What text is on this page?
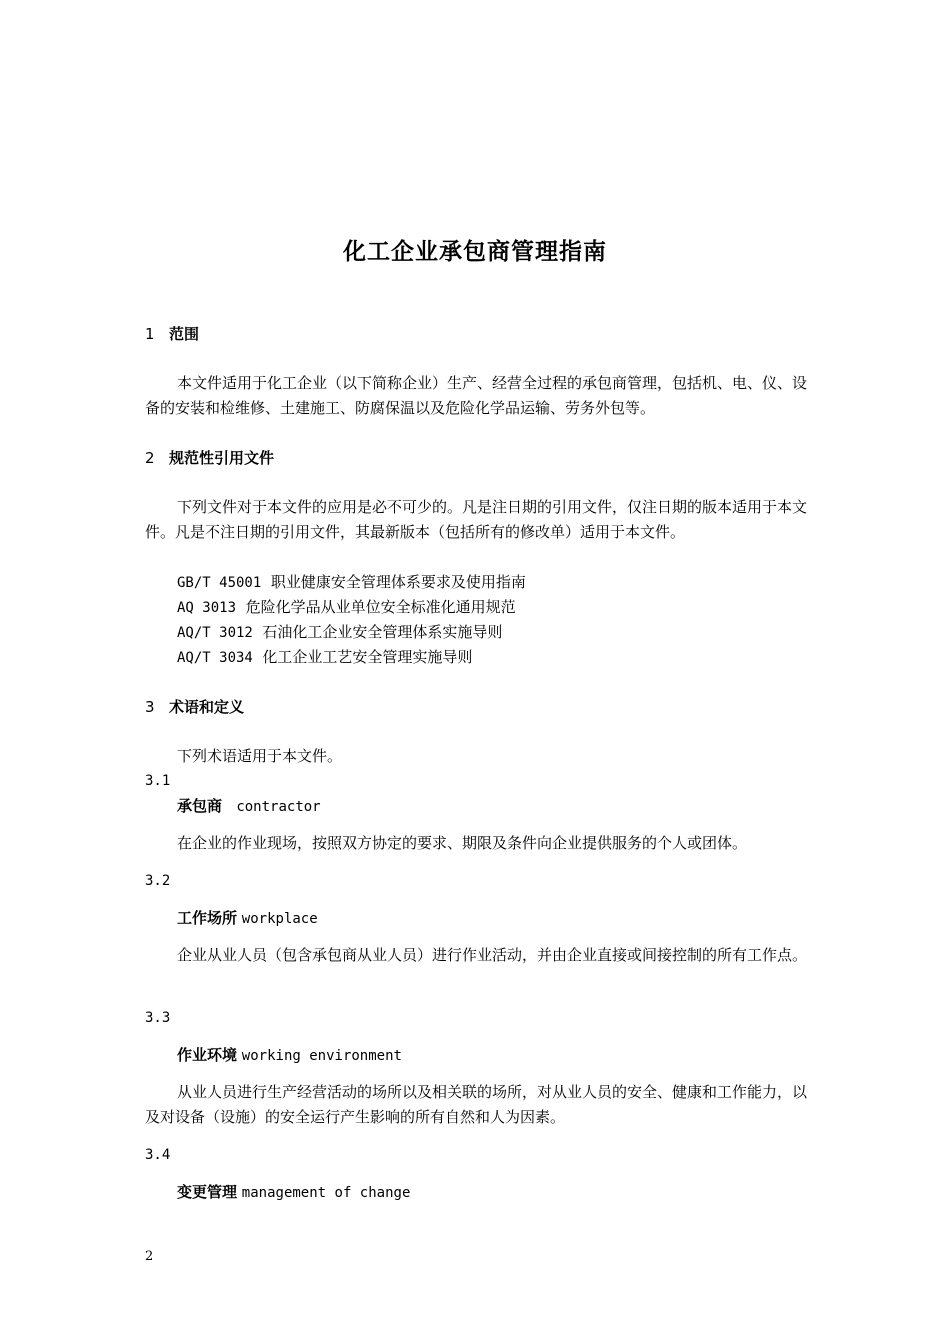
化工企业承包商管理指南
1 范围
本文件适用于化工企业（以下简称企业）生产、经营全过程的承包商管理，包括机、电、仪、设备的安装和检维修、土建施工、防腐保温以及危险化学品运输、劳务外包等。
2 规范性引用文件
下列文件对于本文件的应用是必不可少的。凡是注日期的引用文件，仅注日期的版本适用于本文件。凡是不注日期的引用文件，其最新版本（包括所有的修改单）适用于本文件。
GB/T 45001 职业健康安全管理体系要求及使用指南
AQ 3013 危险化学品从业单位安全标准化通用规范
AQ/T 3012 石油化工企业安全管理体系实施导则
AQ/T 3034 化工企业工艺安全管理实施导则
3 术语和定义
下列术语适用于本文件。
3.1
承包商 contractor
在企业的作业现场，按照双方协定的要求、期限及条件向企业提供服务的个人或团体。
3.2
工作场所 workplace
企业从业人员（包含承包商从业人员）进行作业活动，并由企业直接或间接控制的所有工作点。
3.3
作业环境 working environment
从业人员进行生产经营活动的场所以及相关联的场所，对从业人员的安全、健康和工作能力，以及对设备（设施）的安全运行产生影响的所有自然和人为因素。
3.4
变更管理 management of change
2
